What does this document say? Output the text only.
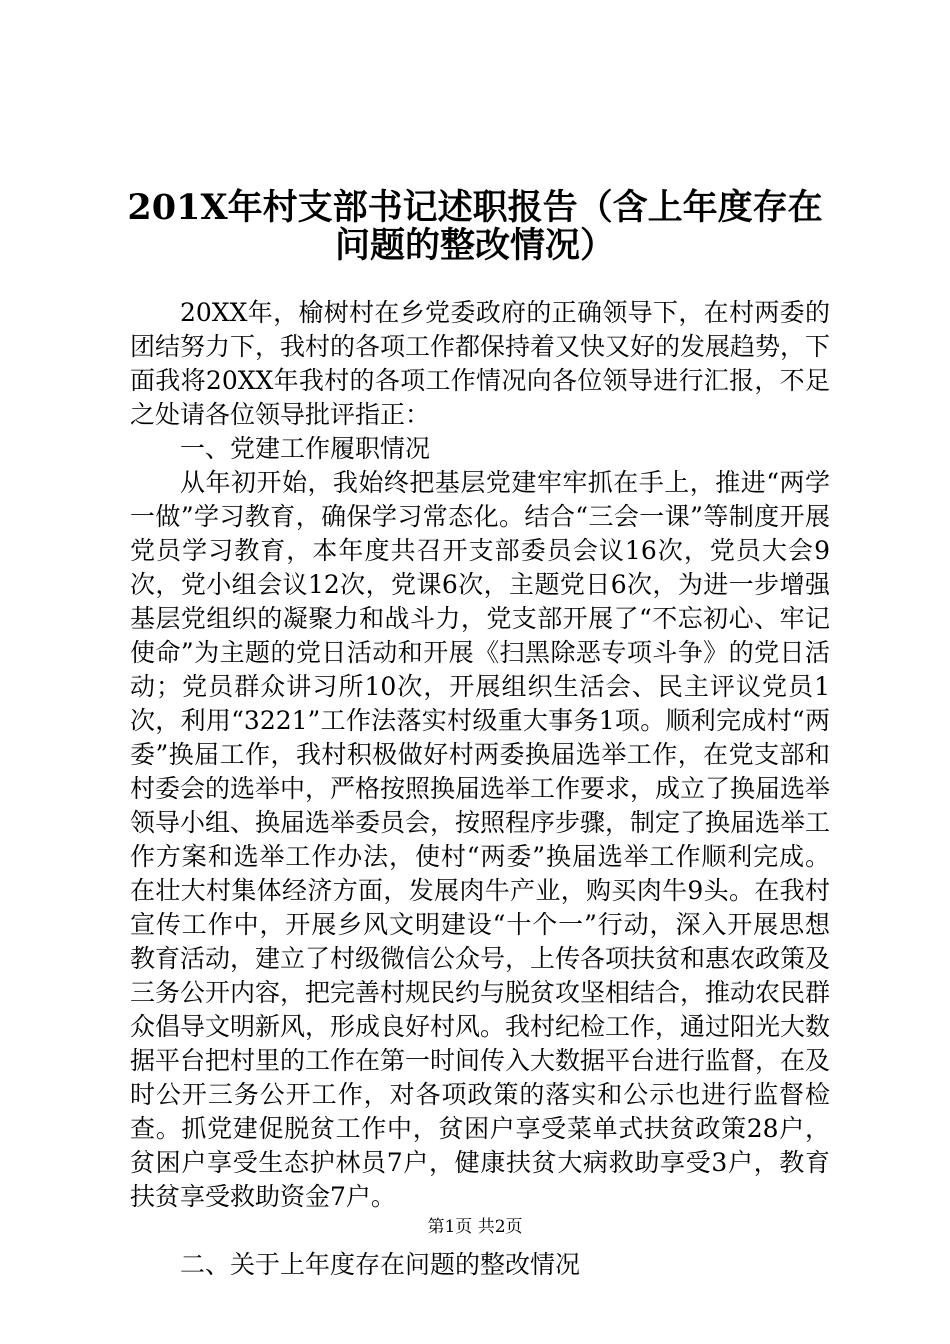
201X年村支部书记述职报告（含上年度存在
问题的整改情况）

20XX年，榆树村在乡党委政府的正确领导下，在村两委的团结努力下，我村的各项工作都保持着又快又好的发展趋势，下面我将20XX年我村的各项工作情况向各位领导进行汇报，不足之处请各位领导批评指正：

一、党建工作履职情况

从年初开始，我始终把基层党建牢牢抓在手上，推进“两学一做”学习教育，确保学习常态化。结合“三会一课”等制度开展党员学习教育，本年度共召开支部委员会议16次，党员大会9次，党小组会议12次，党课6次，主题党日6次，为进一步增强基层党组织的凝聚力和战斗力，党支部开展了“不忘初心、牢记使命”为主题的党日活动和开展《扫黑除恶专项斗争》的党日活动；党员群众讲习所10次，开展组织生活会、民主评议党员1次，利用“3221”工作法落实村级重大事务1项。顺利完成村“两委”换届工作，我村积极做好村两委换届选举工作，在党支部和村委会的选举中，严格按照换届选举工作要求，成立了换届选举领导小组、换届选举委员会，按照程序步骤，制定了换届选举工作方案和选举工作办法，使村“两委”换届选举工作顺利完成。在壮大村集体经济方面，发展肉牛产业，购买肉牛9头。在我村宣传工作中，开展乡风文明建设“十个一”行动，深入开展思想教育活动，建立了村级微信公众号，上传各项扶贫和惠农政策及三务公开内容，把完善村规民约与脱贫攻坚相结合，推动农民群众倡导文明新风，形成良好村风。我村纪检工作，通过阳光大数据平台把村里的工作在第一时间传入大数据平台进行监督，在及时公开三务公开工作，对各项政策的落实和公示也进行监督检查。抓党建促脱贫工作中，贫困户享受菜单式扶贫政策28户，贫困户享受生态护林员7户，健康扶贫大病救助享受3户，教育扶贫享受救助资金7户。

二、关于上年度存在问题的整改情况

第1页 共2页
